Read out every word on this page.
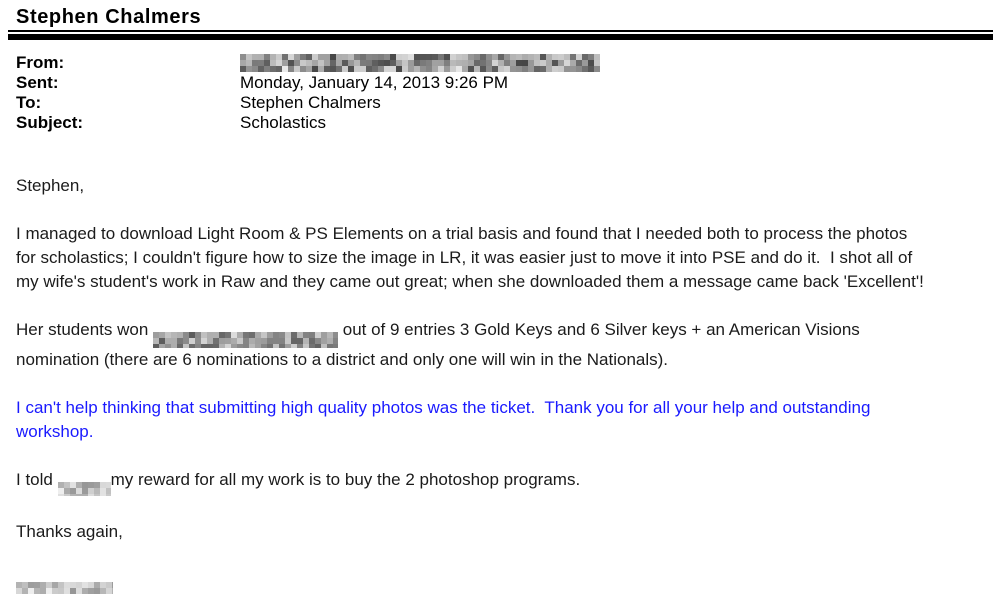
Stephen Chalmers
From:
Sent:	Monday, January 14, 2013 9:26 PM
To:	Stephen Chalmers
Subject:	Scholastics
Stephen,
I managed to download Light Room & PS Elements on a trial basis and found that I needed both to process the photos
for scholastics; I couldn't figure how to size the image in LR, it was easier just to move it into PSE and do it.  I shot all of
my wife's student's work in Raw and they came out great; when she downloaded them a message came back 'Excellent'!
Her students won	out of 9 entries 3 Gold Keys and 6 Silver keys + an American Visions
nomination (there are 6 nominations to a district and only one will win in the Nationals).
I can't help thinking that submitting high quality photos was the ticket.  Thank you for all your help and outstanding
workshop.
I told	my reward for all my work is to buy the 2 photoshop programs.
Thanks again,
